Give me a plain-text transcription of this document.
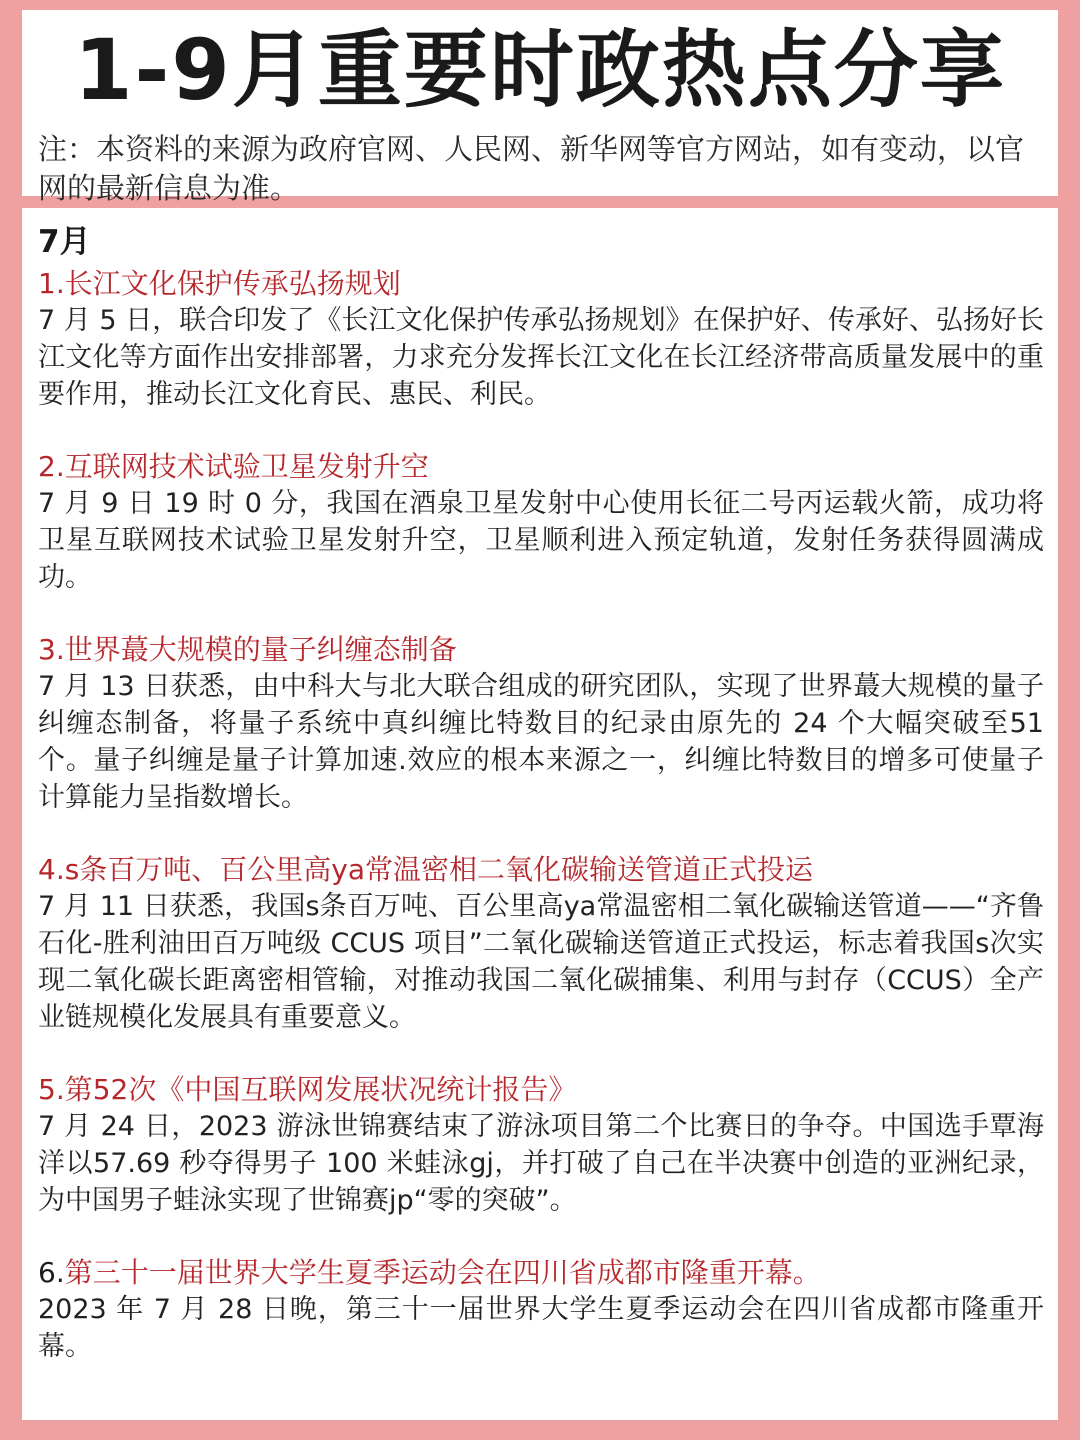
1-9月重要时政热点分享

注：本资料的来源为政府官网、人民网、新华网等官方网站，如有变动，以官网的最新信息为准。

7月

1.长江文化保护传承弘扬规划

7 月 5 日，联合印发了《长江文化保护传承弘扬规划》在保护好、传承好、弘扬好长江文化等方面作出安排部署，力求充分发挥长江文化在长江经济带高质量发展中的重要作用，推动长江文化育民、惠民、利民。

2.互联网技术试验卫星发射升空

7 月 9 日 19 时 0 分，我国在酒泉卫星发射中心使用长征二号丙运载火箭，成功将卫星互联网技术试验卫星发射升空，卫星顺利进入预定轨道，发射任务获得圆满成功。

3.世界蕞大规模的量子纠缠态制备

7 月 13 日获悉，由中科大与北大联合组成的研究团队，实现了世界蕞大规模的量子纠缠态制备，将量子系统中真纠缠比特数目的纪录由原先的 24 个大幅突破至51 个。量子纠缠是量子计算加速.效应的根本来源之一，纠缠比特数目的增多可使量子计算能力呈指数增长。

4.s条百万吨、百公里高ya常温密相二氧化碳输送管道正式投运

7 月 11 日获悉，我国s条百万吨、百公里高ya常温密相二氧化碳输送管道——“齐鲁石化-胜利油田百万吨级 CCUS 项目”二氧化碳输送管道正式投运，标志着我国s次实现二氧化碳长距离密相管输，对推动我国二氧化碳捕集、利用与封存（CCUS）全产业链规模化发展具有重要意义。

5.第52次《中国互联网发展状况统计报告》

7 月 24 日，2023 游泳世锦赛结束了游泳项目第二个比赛日的争夺。中国选手覃海洋以57.69 秒夺得男子 100 米蛙泳gj，并打破了自己在半决赛中创造的亚洲纪录，为中国男子蛙泳实现了世锦赛jp“零的突破”。

6.第三十一届世界大学生夏季运动会在四川省成都市隆重开幕。

2023 年 7 月 28 日晚，第三十一届世界大学生夏季运动会在四川省成都市隆重开幕。
